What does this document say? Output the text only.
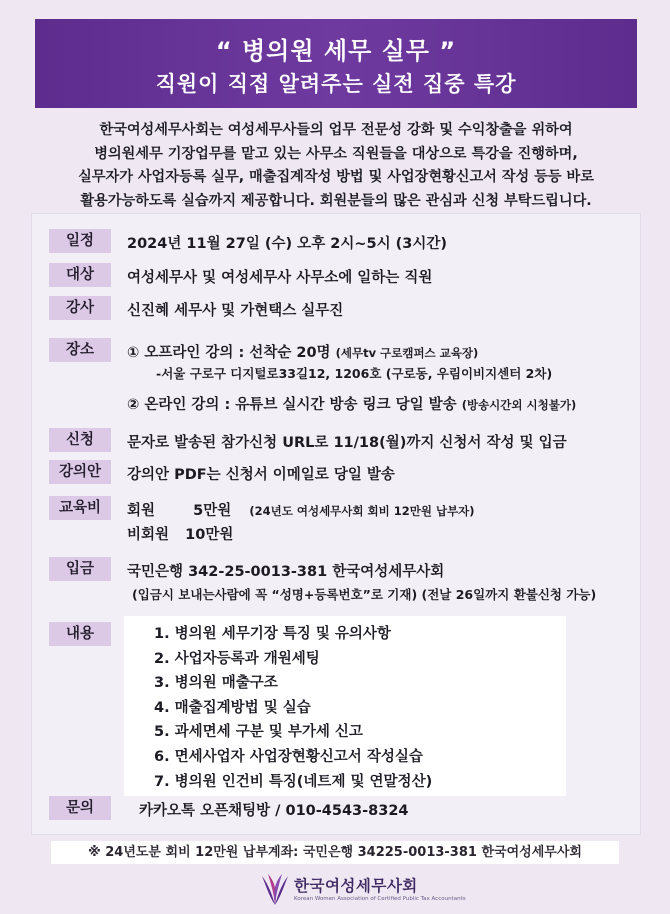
“ 병의원 세무 실무 ”
직원이 직접 알려주는 실전 집중 특강
한국여성세무사회는 여성세무사들의 업무 전문성 강화 및 수익창출을 위하여
병의원세무 기장업무를 맡고 있는 사무소 직원들을 대상으로 특강을 진행하며,
실무자가 사업자등록 실무, 매출집계작성 방법 및 사업장현황신고서 작성 등등 바로
활용가능하도록 실습까지 제공합니다. 회원분들의 많은 관심과 신청 부탁드립니다.
일정	2024년 11월 27일 (수) 오후 2시~5시 (3시간)
대상	여성세무사 및 여성세무사 사무소에 일하는 직원
강사	신진혜 세무사 및 가현택스 실무진
장소	① 오프라인 강의 : 선착순 20명 (세무tv 구로캠퍼스 교육장)
-서울 구로구 디지털로33길12, 1206호 (구로동, 우림이비지센터 2차)
② 온라인 강의 : 유튜브 실시간 방송 링크 당일 발송 (방송시간외 시청불가)
신청	문자로 발송된 참가신청 URL로 11/18(월)까지 신청서 작성 및 입금
강의안	강의안 PDF는 신청서 이메일로 당일 발송
교육비	회원	5만원 (24년도 여성세무사회 회비 12만원 납부자)
비회원 10만원
입금	국민은행 342-25-0013-381 한국여성세무사회
(입금시 보내는사람에 꼭 “성명+등록번호”로 기재) (전날 26일까지 환불신청 가능)
내용	1. 병의원 세무기장 특징 및 유의사항
2. 사업자등록과 개원세팅
3. 병의원 매출구조
4. 매출집계방법 및 실습
5. 과세면세 구분 및 부가세 신고
6. 면세사업자 사업장현황신고서 작성실습
7. 병의원 인건비 특징(네트제 및 연말정산)
문의	카카오톡 오픈채팅방 / 010-4543-8324
※ 24년도분 회비 12만원 납부계좌: 국민은행 34225-0013-381 한국여성세무사회
한국여성세무사회
Korean Women Association of Certified Public Tax Accountants
